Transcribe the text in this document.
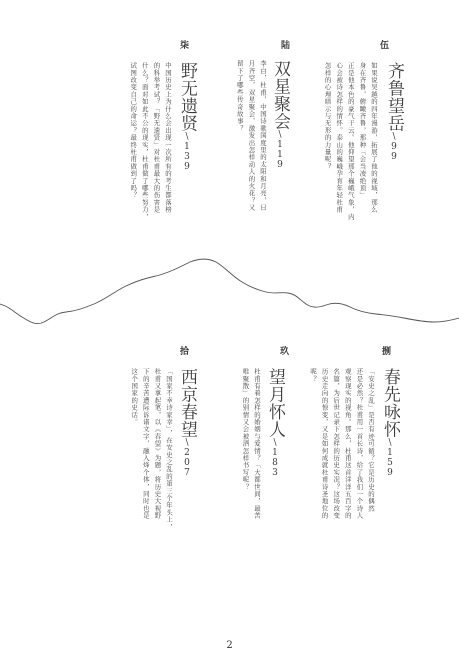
伍
齐鲁望岳\99

如果说吴越的四年漫游，拓展了他的视域，那么

身在齐鲁，俯瞰齐鲁，那种「会当凌绝顶」

正是他本色的豪气干云。他仰望那个巍峨气象，内

心会被诗怎样的情怀。泰山的巍峨孕育年轻杜甫

怎样的心理暗示与无形的力量呢？

陆
双星聚会\119

李白，杜甫，中国诗歌国度里的太阳和月亮，日

月齐空，双星聚会，激发出怎样动人的火花？又

留下了哪些传奇故事？

柒
野无遗贤\139

中国历史上为什么会出现一次所有的考生都落榜

的科举考试？「野无遗贤」对杜甫最大的伤害是

什么？面对如此不公的现实，杜甫做了哪些努力，

试图改变自己的命运？最终杜甫做到了吗？

捌
春先咏怀\159

「安史之乱」是否有迹可循？它是历史的偶然

还是必然？杜甫用一首长诗，给了我们一个诗人

观察现实的视角。那么，杜甫这首洋洋五百字的

名篇，为后世记录下怎样的历史实况？这场改变

历史走向的惊变，又是如何成就杜甫诗圣地位的

呢？

玖
望月怀人\183

杜甫有着怎样的婚姻与爱情？「大都世间，最苦

唯聚散」的别情又会被洒怎样书写呢？

拾
西京春望\207

「国家不幸诗家幸」，在安史之乱的第三个年头上，

杜甫又拿起笔，以《春望》为题，将历史大视野

下的辛苦遭际诉诸文字，融入烽个体，同时也是

这个国家的史话。

2
